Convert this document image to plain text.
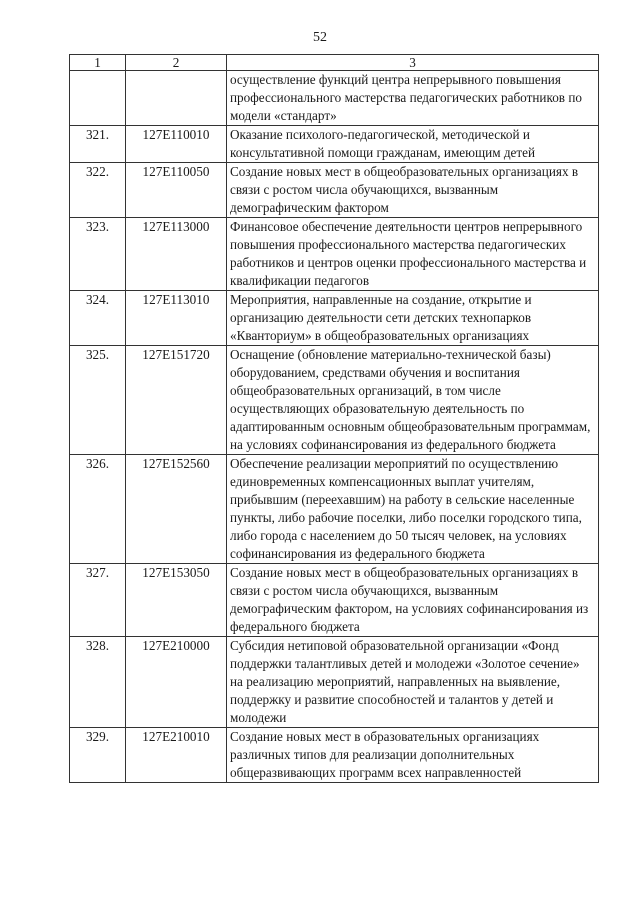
52
1	2	3
		осуществление функций центра непрерывного повышения профессионального мастерства педагогических работников по модели «стандарт»
321.	127Е110010	Оказание психолого-педагогической, методической и консультативной помощи гражданам, имеющим детей
322.	127Е110050	Создание новых мест в общеобразовательных организациях в связи с ростом числа обучающихся, вызванным демографическим фактором
323.	127Е113000	Финансовое обеспечение деятельности центров непрерывного повышения профессионального мастерства педагогических работников и центров оценки профессионального мастерства и квалификации педагогов
324.	127Е113010	Мероприятия, направленные на создание, открытие и организацию деятельности сети детских технопарков «Кванториум» в общеобразовательных организациях
325.	127Е151720	Оснащение (обновление материально-технической базы) оборудованием, средствами обучения и воспитания общеобразовательных организаций, в том числе осуществляющих образовательную деятельность по адаптированным основным общеобразовательным программам, на условиях софинансирования из федерального бюджета
326.	127Е152560	Обеспечение реализации мероприятий по осуществлению единовременных компенсационных выплат учителям, прибывшим (переехавшим) на работу в сельские населенные пункты, либо рабочие поселки, либо поселки городского типа, либо города с населением до 50 тысяч человек, на условиях софинансирования из федерального бюджета
327.	127Е153050	Создание новых мест в общеобразовательных организациях в связи с ростом числа обучающихся, вызванным демографическим фактором, на условиях софинансирования из федерального бюджета
328.	127Е210000	Субсидия нетиповой образовательной организации «Фонд поддержки талантливых детей и молодежи «Золотое сечение» на реализацию мероприятий, направленных на выявление, поддержку и развитие способностей и талантов у детей и молодежи
329.	127Е210010	Создание новых мест в образовательных организациях различных типов для реализации дополнительных общеразвивающих программ всех направленностей
